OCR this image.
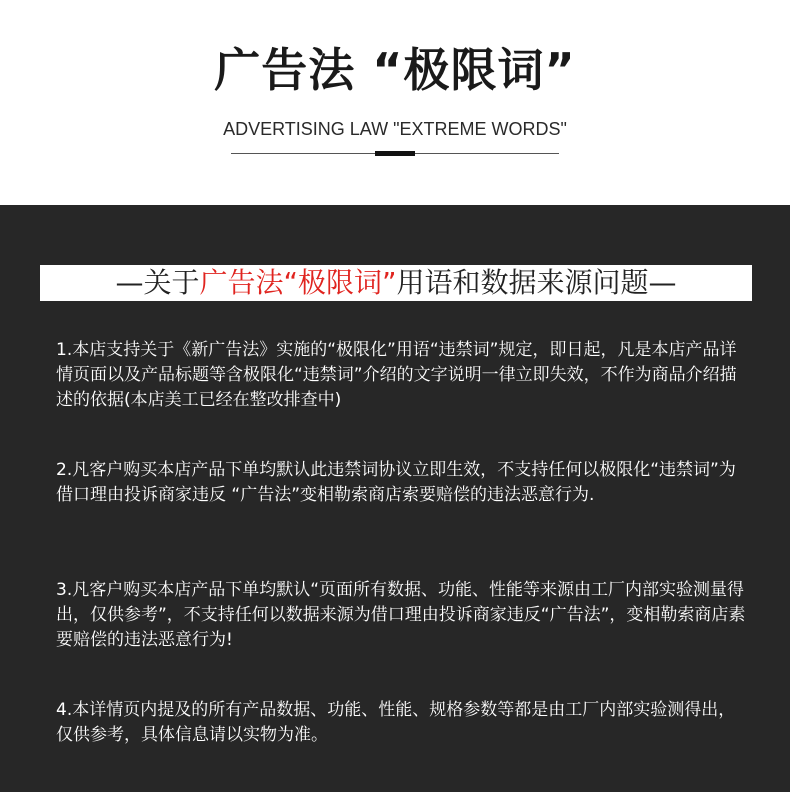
广告法 “极限词”
ADVERTISING LAW "EXTREME WORDS"
—关于广告法“极限词”用语和数据来源问题—
1.本店支持关于《新广告法》实施的“极限化”用语“违禁词”规定，即日起，凡是本店产品详情页面以及产品标题等含极限化“违禁词”介绍的文字说明一律立即失效，不作为商品介绍描述的依据(本店美工已经在整改排查中)
2.凡客户购买本店产品下单均默认此违禁词协议立即生效，不支持任何以极限化“违禁词”为借口理由投诉商家违反 “广告法”变相勒索商店索要赔偿的违法恶意行为.
3.凡客户购买本店产品下单均默认“页面所有数据、功能、性能等来源由工厂内部实验测量得出，仅供参考”，不支持任何以数据来源为借口理由投诉商家违反“广告法”，变相勒索商店素要赔偿的违法恶意行为!
4.本详情页内提及的所有产品数据、功能、性能、规格参数等都是由工厂内部实验测得出，仅供参考，具体信息请以实物为准。
